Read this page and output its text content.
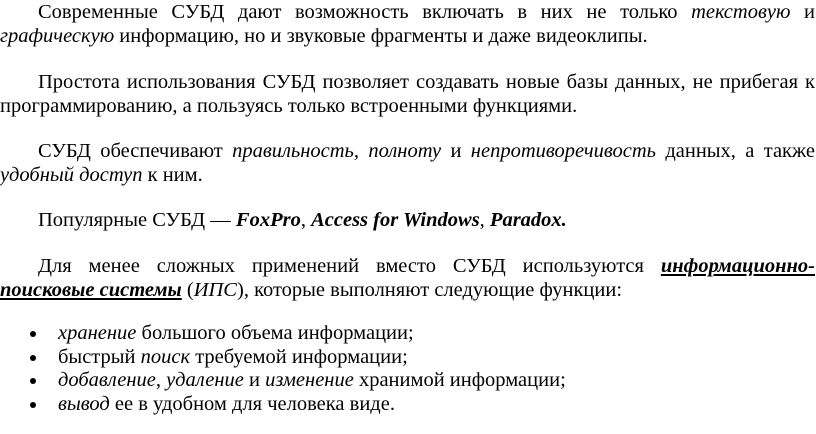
Современные СУБД дают возможность включать в них не только текстовую и графическую информацию, но и звуковые фрагменты и даже видеоклипы.

Простота использования СУБД позволяет создавать новые базы данных, не прибегая к программированию, а пользуясь только встроенными функциями.

СУБД обеспечивают правильность, полноту и непротиворечивость данных, а также удобный доступ к ним.

Популярные СУБД — FoxPro, Access for Windows, Paradox.

Для менее сложных применений вместо СУБД используются информационно-поисковые системы (ИПС), которые выполняют следующие функции:

хранение большого объема информации;
быстрый поиск требуемой информации;
добавление, удаление и изменение хранимой информации;
вывод ее в удобном для человека виде.
